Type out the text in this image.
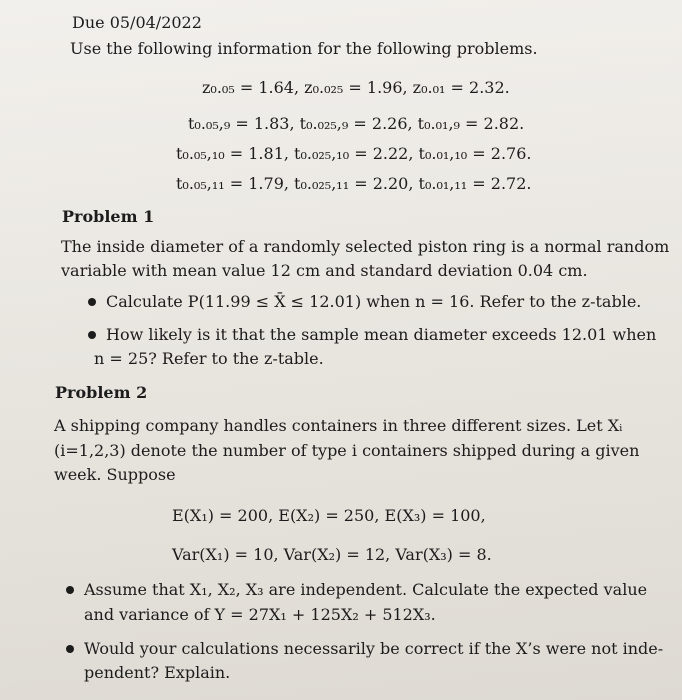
Due 05/04/2022
Use the following information for the following problems.
z₀.₀₅ = 1.64, z₀.₀₂₅ = 1.96, z₀.₀₁ = 2.32.
t₀.₀₅,₉ = 1.83, t₀.₀₂₅,₉ = 2.26, t₀.₀₁,₉ = 2.82.
t₀.₀₅,₁₀ = 1.81, t₀.₀₂₅,₁₀ = 2.22, t₀.₀₁,₁₀ = 2.76.
t₀.₀₅,₁₁ = 1.79, t₀.₀₂₅,₁₁ = 2.20, t₀.₀₁,₁₁ = 2.72.
Problem 1
The inside diameter of a randomly selected piston ring is a normal random
variable with mean value 12 cm and standard deviation 0.04 cm.
Calculate P(11.99 ≤ X̄ ≤ 12.01) when n = 16. Refer to the z-table.
How likely is it that the sample mean diameter exceeds 12.01 when
n = 25? Refer to the z-table.
Problem 2
A shipping company handles containers in three different sizes. Let Xᵢ
(i=1,2,3) denote the number of type i containers shipped during a given
week. Suppose
E(X₁) = 200, E(X₂) = 250, E(X₃) = 100,
Var(X₁) = 10, Var(X₂) = 12, Var(X₃) = 8.
Assume that X₁, X₂, X₃ are independent. Calculate the expected value
and variance of Y = 27X₁ + 125X₂ + 512X₃.
Would your calculations necessarily be correct if the X’s were not inde-
pendent? Explain.
